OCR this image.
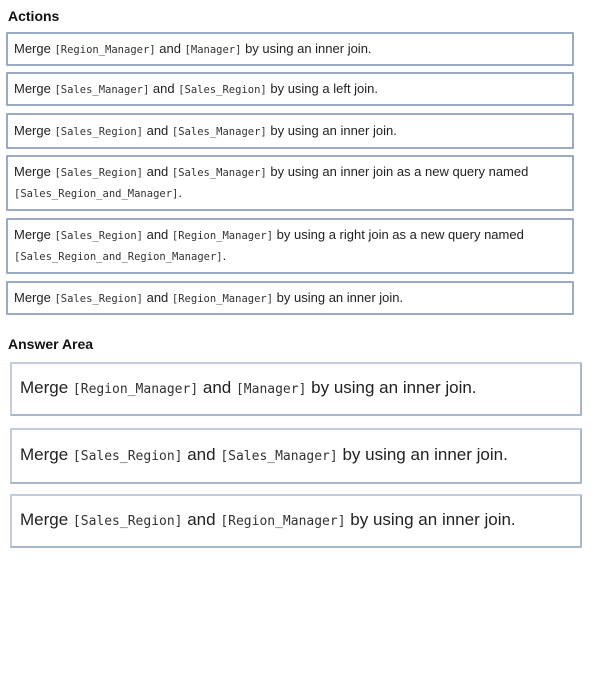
Actions
Merge [Region_Manager] and [Manager] by using an inner join.
Merge [Sales_Manager] and [Sales_Region] by using a left join.
Merge [Sales_Region] and [Sales_Manager] by using an inner join.
Merge [Sales_Region] and [Sales_Manager] by using an inner join as a new query named [Sales_Region_and_Manager].
Merge [Sales_Region] and [Region_Manager] by using a right join as a new query named [Sales_Region_and_Region_Manager].
Merge [Sales_Region] and [Region_Manager] by using an inner join.
Answer Area
Merge [Region_Manager] and [Manager] by using an inner join.
Merge [Sales_Region] and [Sales_Manager] by using an inner join.
Merge [Sales_Region] and [Region_Manager] by using an inner join.
